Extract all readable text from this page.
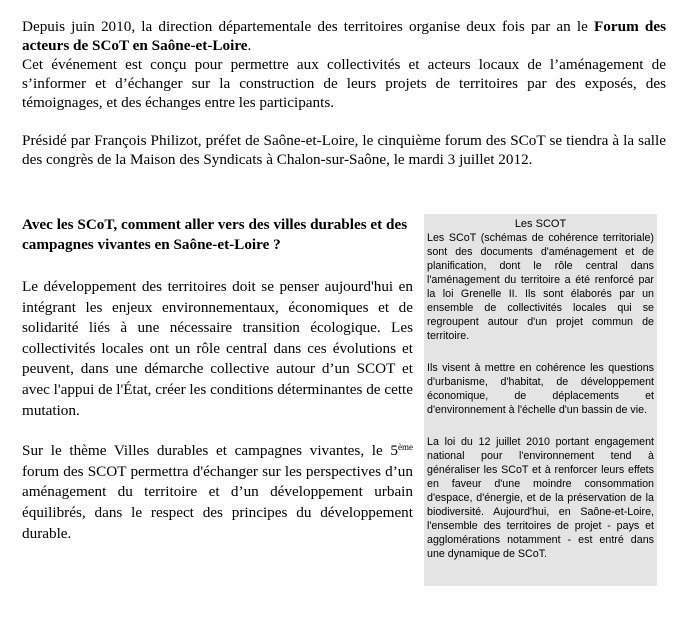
Depuis juin 2010, la direction départementale des territoires organise deux fois par an le Forum des acteurs de SCoT en Saône-et-Loire.

Cet événement est conçu pour permettre aux collectivités et acteurs locaux de l’aménagement de s’informer et d’échanger sur la construction de leurs projets de territoires par des exposés, des témoignages, et des échanges entre les participants.

Présidé par François Philizot, préfet de Saône-et-Loire, le cinquième forum des SCoT se tiendra à la salle des congrès de la Maison des Syndicats à Chalon-sur-Saône, le mardi 3 juillet 2012.

Avec les SCoT, comment aller vers des villes durables et des campagnes vivantes en Saône-et-Loire ?

Le développement des territoires doit se penser aujourd'hui en intégrant les enjeux environnementaux, économiques et de solidarité liés à une nécessaire transition écologique. Les collectivités locales ont un rôle central dans ces évolutions et peuvent, dans une démarche collective autour d’un SCOT et avec l'appui de l'État, créer les conditions déterminantes de cette mutation.

Sur le thème Villes durables et campagnes vivantes, le 5ème forum des SCOT permettra d'échanger sur les perspectives d’un aménagement du territoire et d’un développement urbain équilibrés, dans le respect des principes du développement durable.

Les SCOT

Les SCoT (schémas de cohérence territoriale) sont des documents d'aménagement et de planification, dont le rôle central dans l'aménagement du territoire a été renforcé par la loi Grenelle II. Ils sont élaborés par un ensemble de collectivités locales qui se regroupent autour d'un projet commun de territoire.

Ils visent à mettre en cohérence les questions d'urbanisme, d'habitat, de développement économique, de déplacements et d'environnement à l'échelle d'un bassin de vie.

La loi du 12 juillet 2010 portant engagement national pour l'environnement tend à généraliser les SCoT et à renforcer leurs effets en faveur d'une moindre consommation d'espace, d'énergie, et de la préservation de la biodiversité. Aujourd'hui, en Saône-et-Loire, l'ensemble des territoires de projet - pays et agglomérations notamment - est entré dans une dynamique de SCoT.
